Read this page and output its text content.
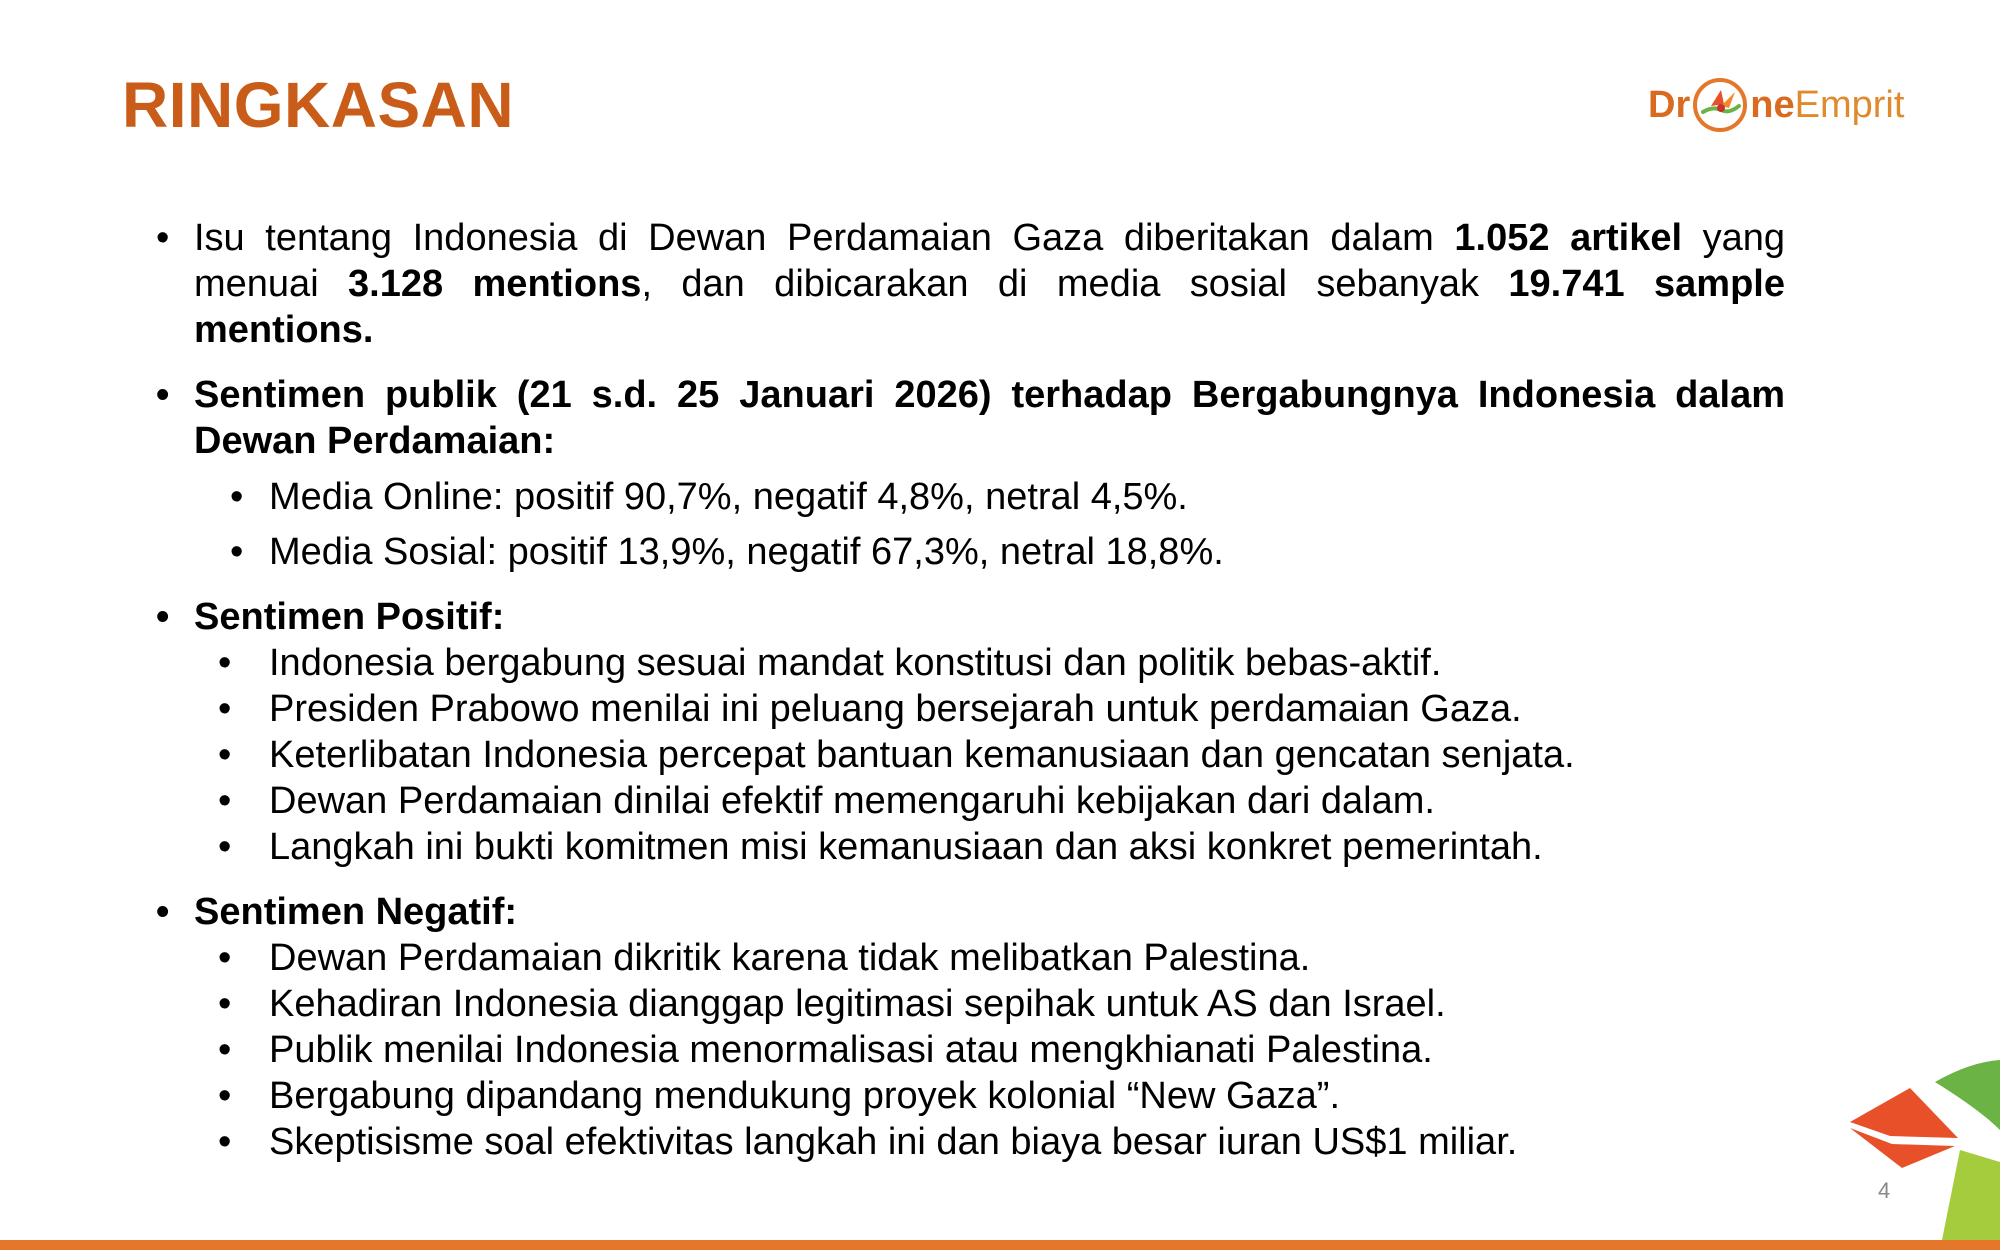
RINGKASAN	Dr ne Emprit
• Isu tentang Indonesia di Dewan Perdamaian Gaza diberitakan dalam 1.052 artikel yang menuai 3.128 mentions, dan dibicarakan di media sosial sebanyak 19.741 sample mentions.
• Sentimen publik (21 s.d. 25 Januari 2026) terhadap Bergabungnya Indonesia dalam Dewan Perdamaian:
• Media Online: positif 90,7%, negatif 4,8%, netral 4,5%.
• Media Sosial: positif 13,9%, negatif 67,3%, netral 18,8%.
• Sentimen Positif:
• Indonesia bergabung sesuai mandat konstitusi dan politik bebas-aktif.
• Presiden Prabowo menilai ini peluang bersejarah untuk perdamaian Gaza.
• Keterlibatan Indonesia percepat bantuan kemanusiaan dan gencatan senjata.
• Dewan Perdamaian dinilai efektif memengaruhi kebijakan dari dalam.
• Langkah ini bukti komitmen misi kemanusiaan dan aksi konkret pemerintah.
• Sentimen Negatif:
• Dewan Perdamaian dikritik karena tidak melibatkan Palestina.
• Kehadiran Indonesia dianggap legitimasi sepihak untuk AS dan Israel.
• Publik menilai Indonesia menormalisasi atau mengkhianati Palestina.
• Bergabung dipandang mendukung proyek kolonial “New Gaza”.
• Skeptisisme soal efektivitas langkah ini dan biaya besar iuran US$1 miliar.
4
